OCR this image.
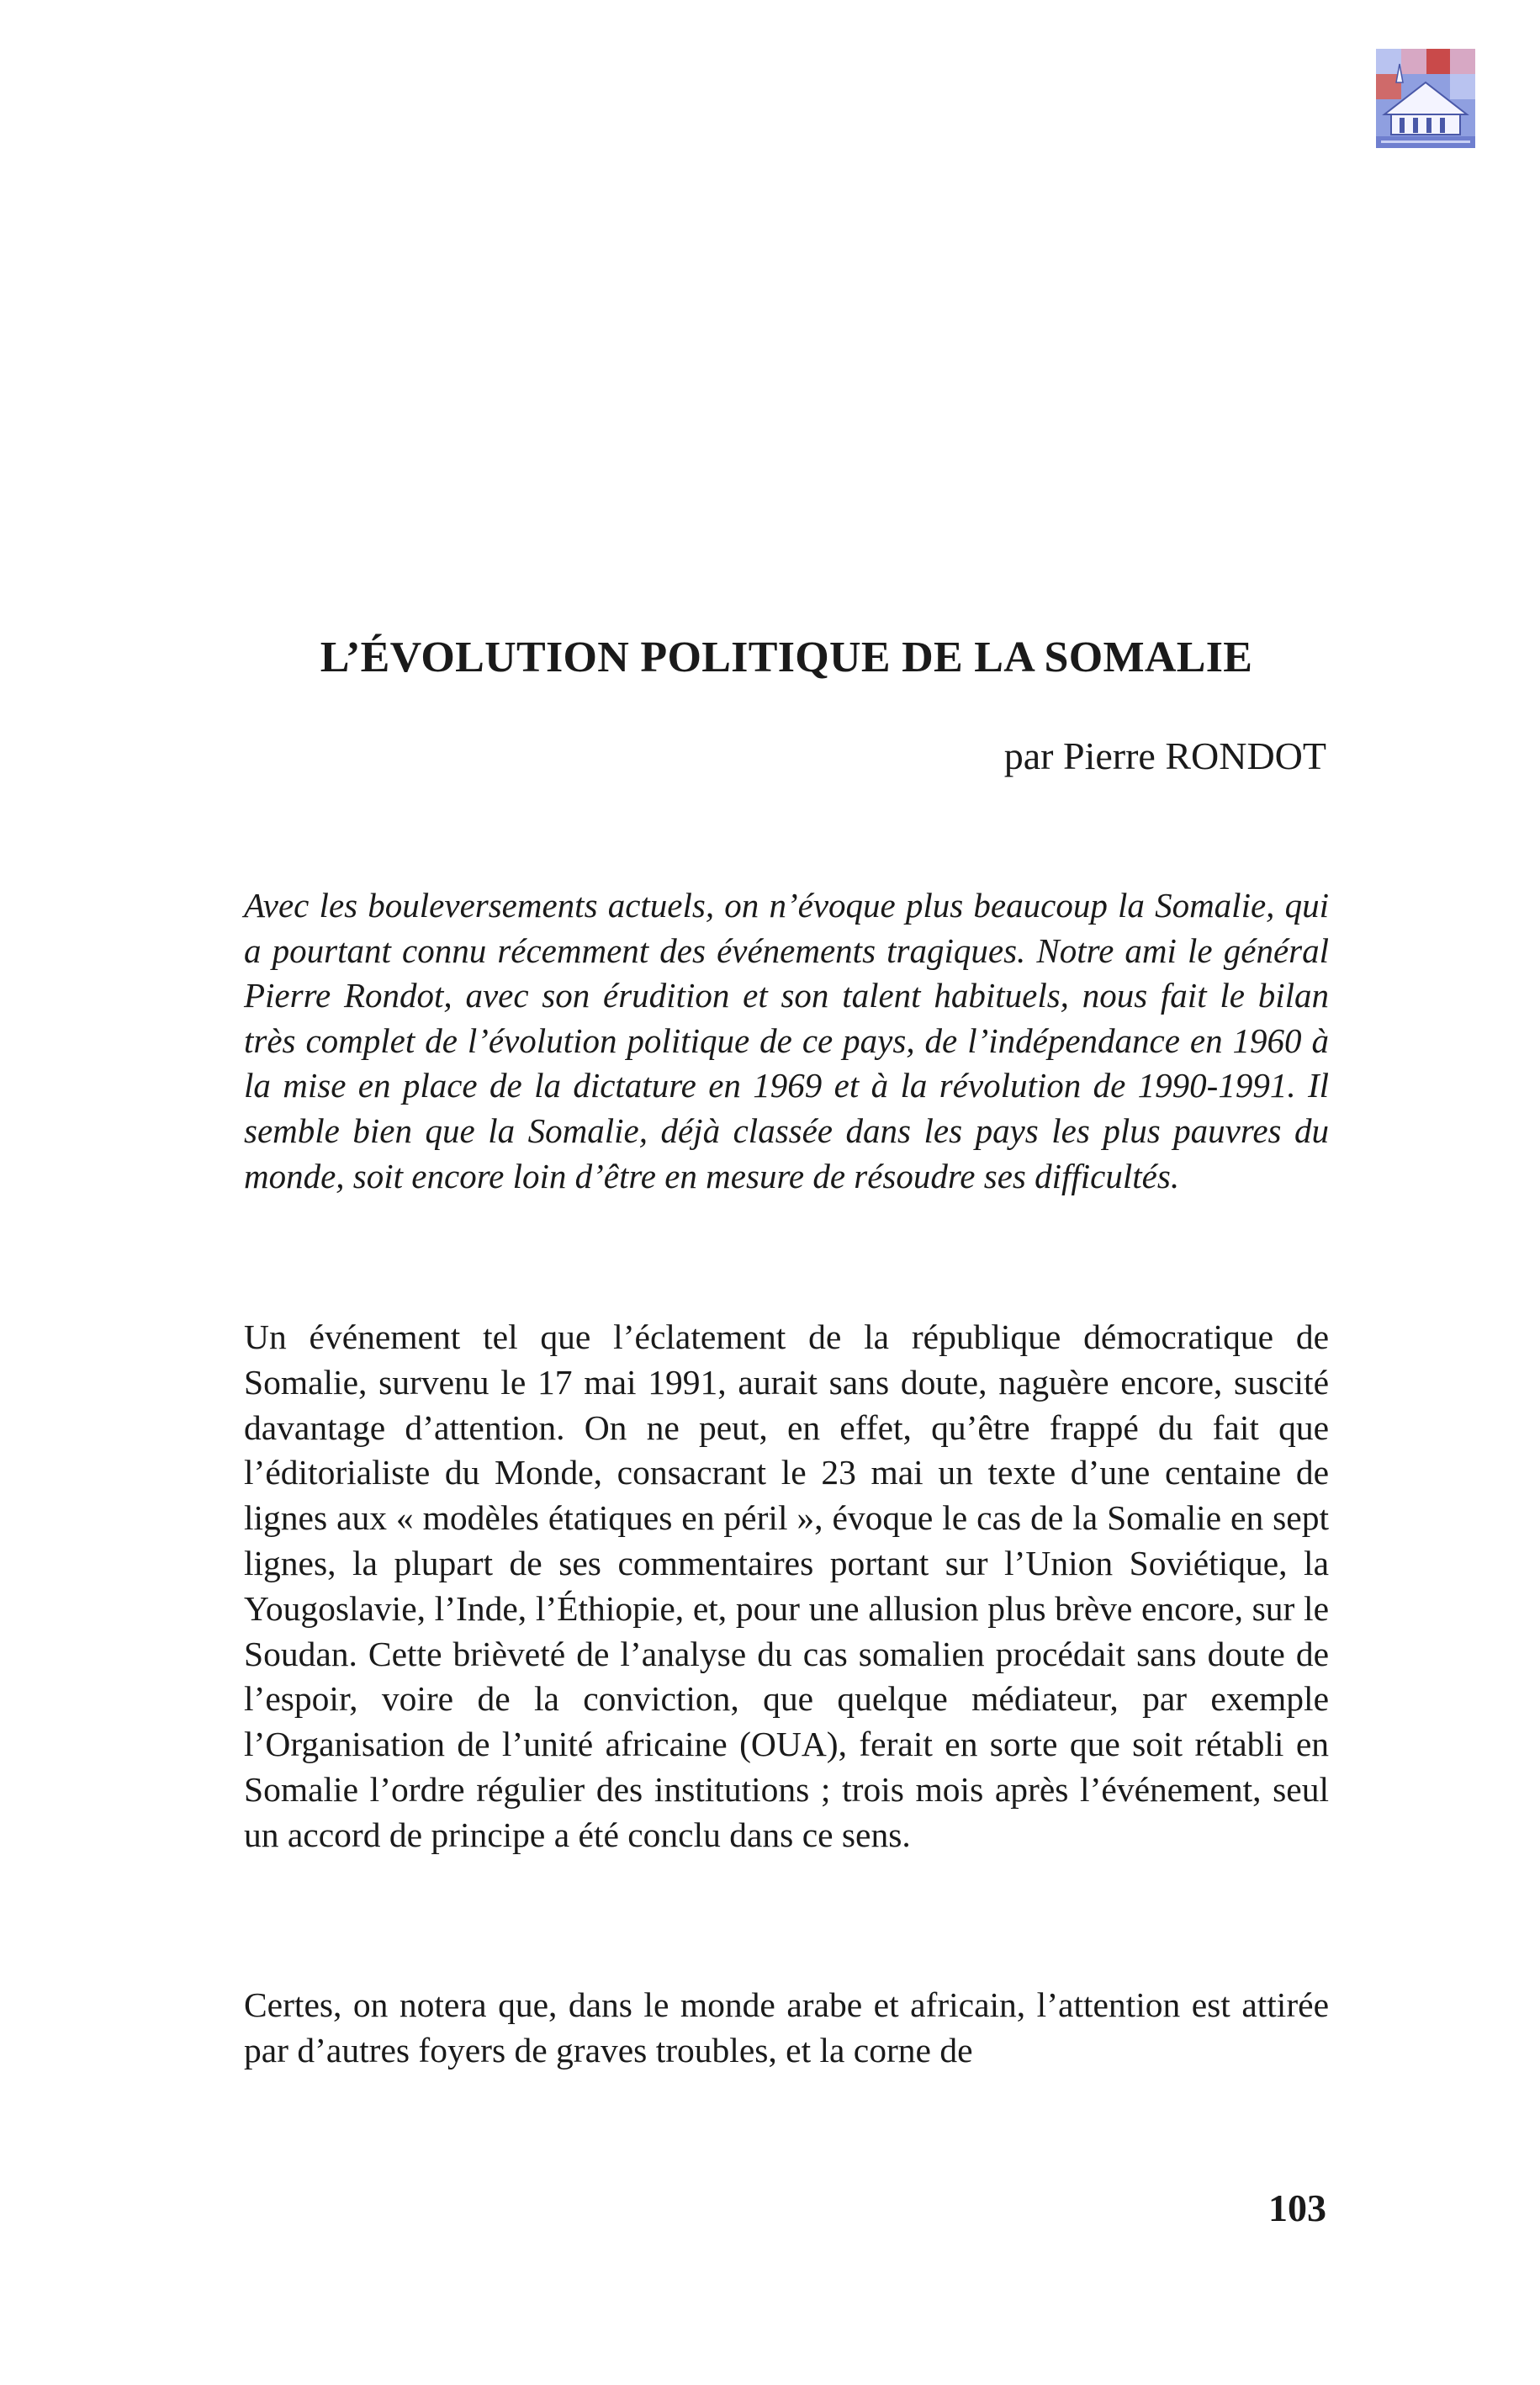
L’ÉVOLUTION POLITIQUE DE LA SOMALIE

par Pierre RONDOT

Avec les bouleversements actuels, on n’évoque plus beaucoup la Somalie, qui a pourtant connu récemment des événements tragiques. Notre ami le général Pierre Rondot, avec son érudition et son talent habituels, nous fait le bilan très complet de l’évolution politique de ce pays, de l’indépendance en 1960 à la mise en place de la dictature en 1969 et à la révolution de 1990-1991. Il semble bien que la Somalie, déjà classée dans les pays les plus pauvres du monde, soit encore loin d’être en mesure de résoudre ses difficultés.

Un événement tel que l’éclatement de la république démocratique de Somalie, survenu le 17 mai 1991, aurait sans doute, naguère encore, suscité davantage d’attention. On ne peut, en effet, qu’être frappé du fait que l’éditorialiste du Monde, consacrant le 23 mai un texte d’une centaine de lignes aux « modèles étatiques en péril », évoque le cas de la Somalie en sept lignes, la plupart de ses commentaires portant sur l’Union Soviétique, la Yougoslavie, l’Inde, l’Éthiopie, et, pour une allusion plus brève encore, sur le Soudan. Cette brièveté de l’analyse du cas somalien procédait sans doute de l’espoir, voire de la conviction, que quelque médiateur, par exemple l’Organisation de l’unité africaine (OUA), ferait en sorte que soit rétabli en Somalie l’ordre régulier des institutions ; trois mois après l’événement, seul un accord de principe a été conclu dans ce sens.

Certes, on notera que, dans le monde arabe et africain, l’attention est attirée par d’autres foyers de graves troubles, et la corne de

103
